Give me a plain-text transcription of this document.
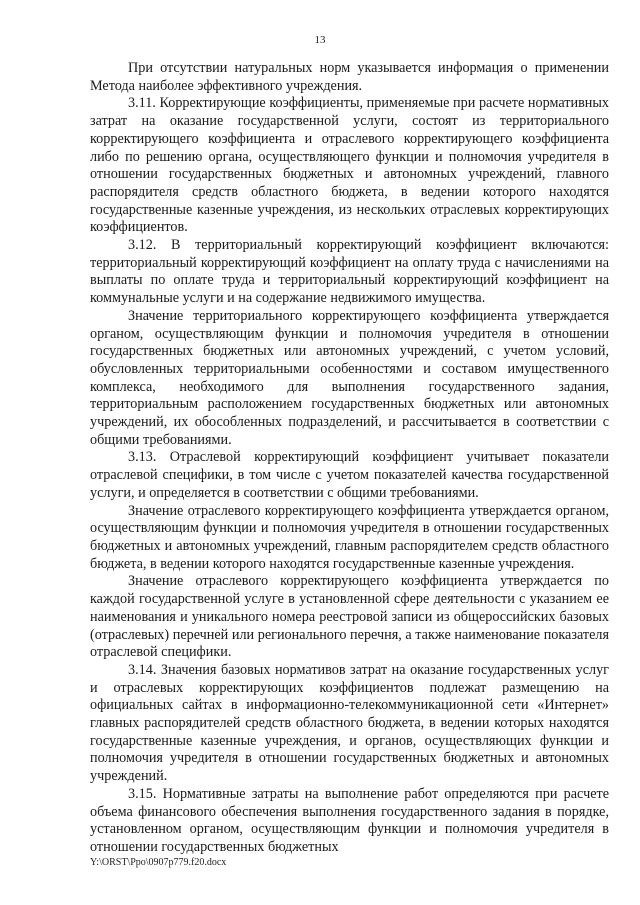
13

При отсутствии натуральных норм указывается информация о применении Метода наиболее эффективного учреждения.

3.11. Корректирующие коэффициенты, применяемые при расчете нормативных затрат на оказание государственной услуги, состоят из территориального корректирующего коэффициента и отраслевого корректирующего коэффициента либо по решению органа, осуществляющего функции и полномочия учредителя в отношении государственных бюджетных и автономных учреждений, главного распорядителя средств областного бюджета, в ведении которого находятся государственные казенные учреждения, из нескольких отраслевых корректирующих коэффициентов.

3.12. В территориальный корректирующий коэффициент включаются: территориальный корректирующий коэффициент на оплату труда с начислениями на выплаты по оплате труда и территориальный корректирующий коэффициент на коммунальные услуги и на содержание недвижимого имущества.

Значение территориального корректирующего коэффициента утверждается органом, осуществляющим функции и полномочия учредителя в отношении государственных бюджетных или автономных учреждений, с учетом условий, обусловленных территориальными особенностями и составом имущественного комплекса, необходимого для выполнения государственного задания, территориальным расположением государственных бюджетных или автономных учреждений, их обособленных подразделений, и рассчитывается в соответствии с общими требованиями.

3.13. Отраслевой корректирующий коэффициент учитывает показатели отраслевой специфики, в том числе с учетом показателей качества государственной услуги, и определяется в соответствии с общими требованиями.

Значение отраслевого корректирующего коэффициента утверждается органом, осуществляющим функции и полномочия учредителя в отношении государственных бюджетных и автономных учреждений, главным распорядителем средств областного бюджета, в ведении которого находятся государственные казенные учреждения.

Значение отраслевого корректирующего коэффициента утверждается по каждой государственной услуге в установленной сфере деятельности с указанием ее наименования и уникального номера реестровой записи из общероссийских базовых (отраслевых) перечней или регионального перечня, а также наименование показателя отраслевой специфики.

3.14. Значения базовых нормативов затрат на оказание государственных услуг и отраслевых корректирующих коэффициентов подлежат размещению на официальных сайтах в информационно-телекоммуникационной сети «Интернет» главных распорядителей средств областного бюджета, в ведении которых находятся государственные казенные учреждения, и органов, осуществляющих функции и полномочия учредителя в отношении государственных бюджетных и автономных учреждений.

3.15. Нормативные затраты на выполнение работ определяются при расчете объема финансового обеспечения выполнения государственного задания в порядке, установленном органом, осуществляющим функции и полномочия учредителя в отношении государственных бюджетных

Y:\ORST\Ppo\0907p779.f20.docx
